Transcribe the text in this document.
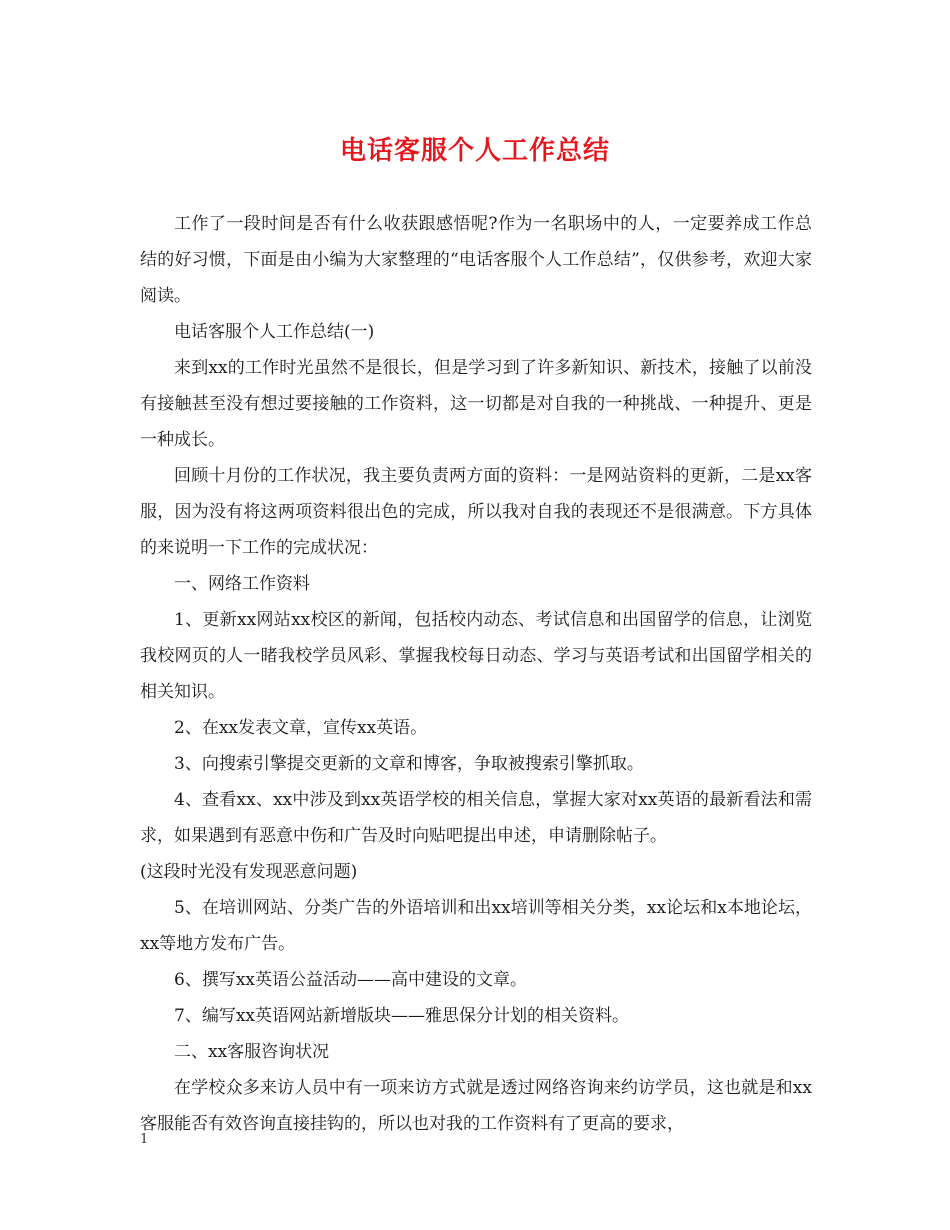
电话客服个人工作总结

工作了一段时间是否有什么收获跟感悟呢?作为一名职场中的人，一定要养成工作总结的好习惯，下面是由小编为大家整理的“电话客服个人工作总结”，仅供参考，欢迎大家阅读。

电话客服个人工作总结(一)

来到xx的工作时光虽然不是很长，但是学习到了许多新知识、新技术，接触了以前没有接触甚至没有想过要接触的工作资料，这一切都是对自我的一种挑战、一种提升、更是一种成长。

回顾十月份的工作状况，我主要负责两方面的资料：一是网站资料的更新，二是xx客服，因为没有将这两项资料很出色的完成，所以我对自我的表现还不是很满意。下方具体的来说明一下工作的完成状况：

一、网络工作资料

1、更新xx网站xx校区的新闻，包括校内动态、考试信息和出国留学的信息，让浏览我校网页的人一睹我校学员风彩、掌握我校每日动态、学习与英语考试和出国留学相关的相关知识。

2、在xx发表文章，宣传xx英语。

3、向搜索引擎提交更新的文章和博客，争取被搜索引擎抓取。

4、查看xx、xx中涉及到xx英语学校的相关信息，掌握大家对xx英语的最新看法和需求，如果遇到有恶意中伤和广告及时向贴吧提出申述，申请删除帖子。

(这段时光没有发现恶意问题)

5、在培训网站、分类广告的外语培训和出xx培训等相关分类，xx论坛和x本地论坛，xx等地方发布广告。

6、撰写xx英语公益活动——高中建设的文章。

7、编写xx英语网站新增版块——雅思保分计划的相关资料。

二、xx客服咨询状况

在学校众多来访人员中有一项来访方式就是透过网络咨询来约访学员，这也就是和xx客服能否有效咨询直接挂钩的，所以也对我的工作资料有了更高的要求，

1
